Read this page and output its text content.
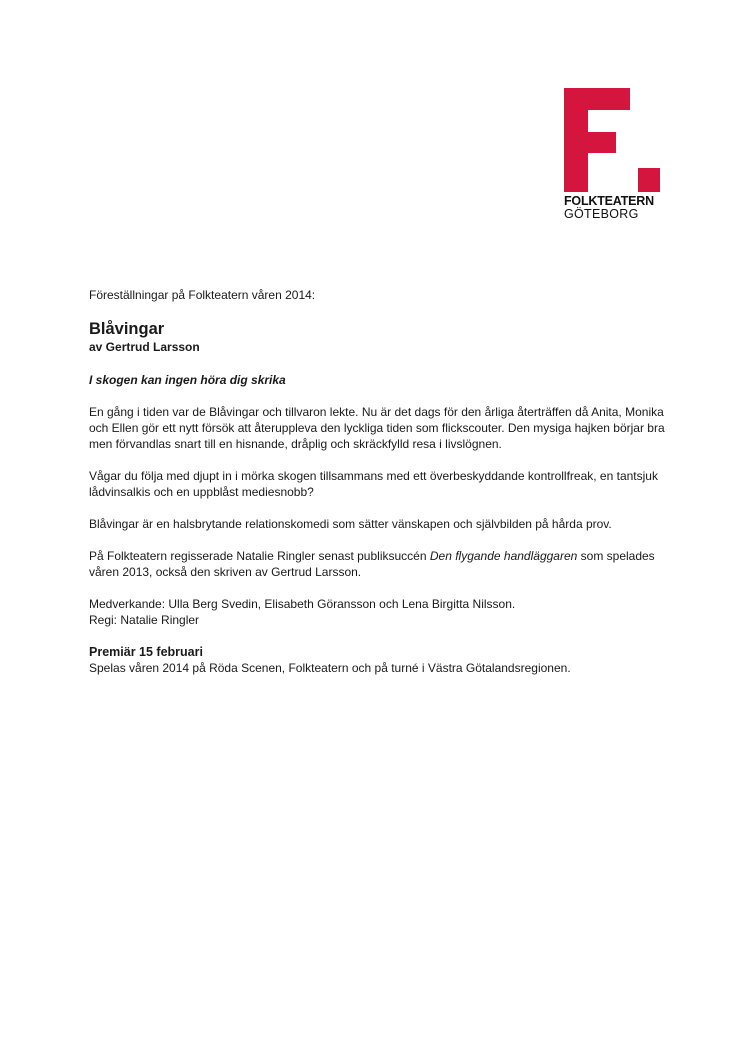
FOLKTEATERN
GÖTEBORG

Föreställningar på Folkteatern våren 2014:

Blåvingar

av Gertrud Larsson

I skogen kan ingen höra dig skrika

En gång i tiden var de Blåvingar och tillvaron lekte. Nu är det dags för den årliga återträffen då Anita, Monika och Ellen gör ett nytt försök att återuppleva den lyckliga tiden som flickscouter. Den mysiga hajken börjar bra men förvandlas snart till en hisnande, dråplig och skräckfylld resa i livslögnen.

Vågar du följa med djupt in i mörka skogen tillsammans med ett överbeskyddande kontrollfreak, en tantsjuk lådvinsalkis och en uppblåst mediesnobb?

Blåvingar är en halsbrytande relationskomedi som sätter vänskapen och självbilden på hårda prov.

På Folkteatern regisserade Natalie Ringler senast publiksuccén Den flygande handläggaren som spelades våren 2013, också den skriven av Gertrud Larsson.

Medverkande: Ulla Berg Svedin, Elisabeth Göransson och Lena Birgitta Nilsson.

Regi: Natalie Ringler

Premiär 15 februari

Spelas våren 2014 på Röda Scenen, Folkteatern och på turné i Västra Götalandsregionen.
